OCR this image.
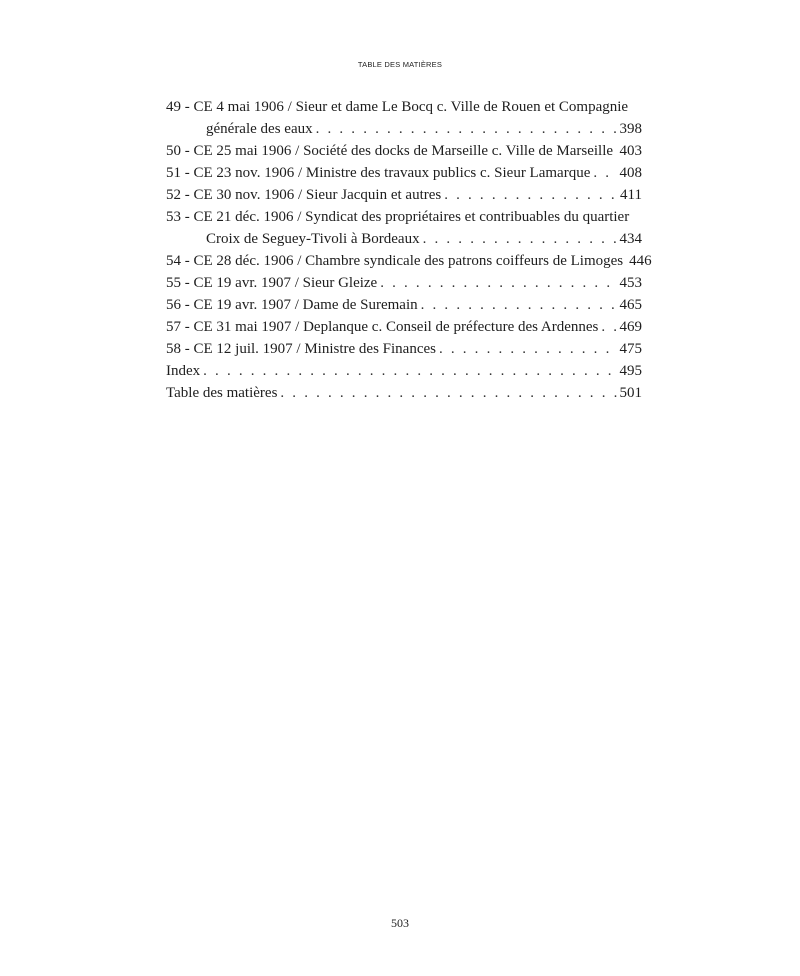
TABLE DES MATIÈRES
49 - CE 4 mai 1906 / Sieur et dame Le Bocq c. Ville de Rouen et Compagnie
générale des eaux . . .	398
50 - CE 25 mai 1906 / Société des docks de Marseille c. Ville de Marseille . . . 403
51 - CE 23 nov. 1906 / Ministre des travaux publics c. Sieur Lamarque . . . 408
52 - CE 30 nov. 1906 / Sieur Jacquin et autres . . .	411
53 - CE 21 déc. 1906 / Syndicat des propriétaires et contribuables du quartier
Croix de Seguey-Tivoli à Bordeaux . . .	434
54 - CE 28 déc. 1906 / Chambre syndicale des patrons coiffeurs de Limoges 446
55 - CE 19 avr. 1907 / Sieur Gleize . . .	453
56 - CE 19 avr. 1907 / Dame de Suremain . . .	465
57 - CE 31 mai 1907 / Deplanque c. Conseil de préfecture des Ardennes . . . 469
58 - CE 12 juil. 1907 / Ministre des Finances . . .	475
Index . . .	495
Table des matières . . .	501
503
